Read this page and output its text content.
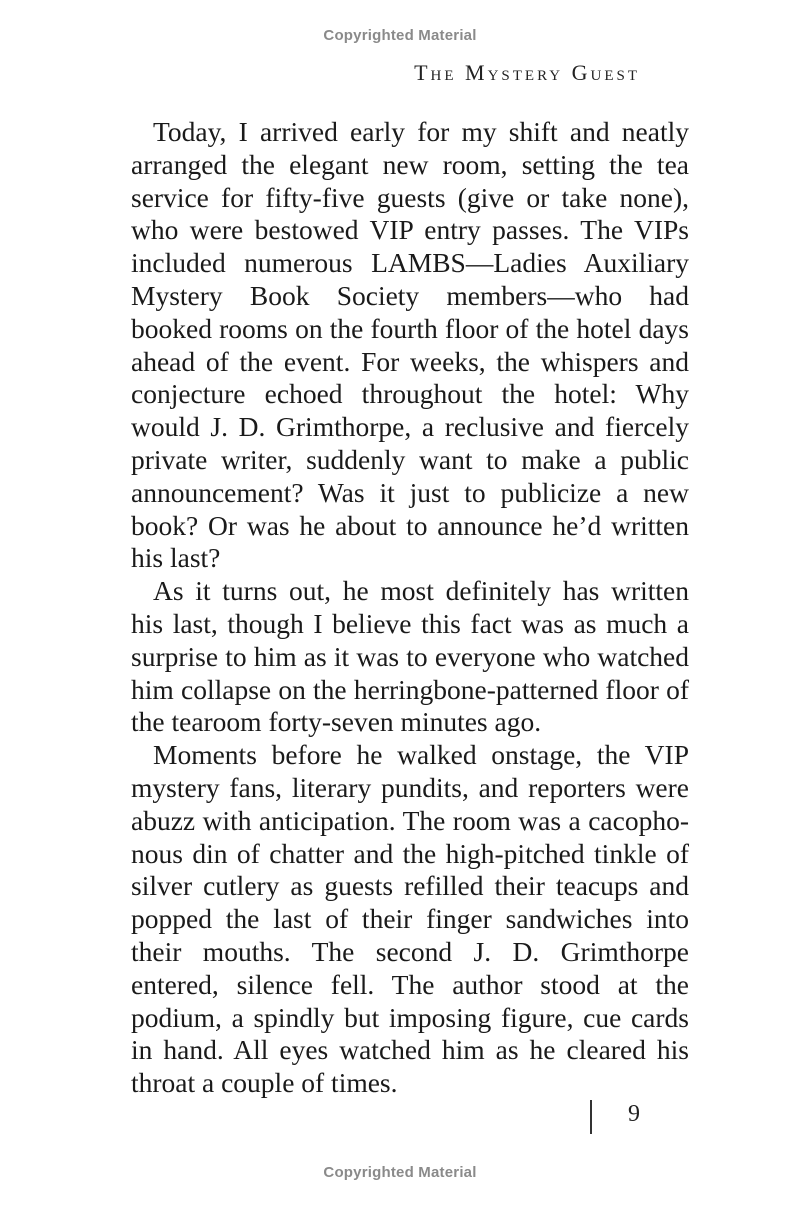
Copyrighted Material
The Mystery Guest

Today, I arrived early for my shift and neatly arranged the elegant new room, setting the tea service for fifty-five guests (give or take none), who were bestowed VIP entry passes. The VIPs included numerous LAMBS—Ladies Auxiliary Mystery Book Society members—who had booked rooms on the fourth floor of the hotel days ahead of the event. For weeks, the whispers and conjecture echoed throughout the hotel: Why would J. D. Grimthorpe, a reclusive and fiercely private writer, suddenly want to make a public announcement? Was it just to publicize a new book? Or was he about to announce he’d written his last?

As it turns out, he most definitely has written his last, though I believe this fact was as much a surprise to him as it was to everyone who watched him collapse on the herringbone-patterned floor of the tearoom forty-seven minutes ago.

Moments before he walked onstage, the VIP mystery fans, literary pundits, and reporters were abuzz with anticipation. The room was a cacophonous din of chatter and the high-pitched tinkle of silver cutlery as guests refilled their teacups and popped the last of their finger sandwiches into their mouths. The second J. D. Grimthorpe entered, silence fell. The author stood at the podium, a spindly but imposing figure, cue cards in hand. All eyes watched him as he cleared his throat a couple of times.

9
Copyrighted Material
